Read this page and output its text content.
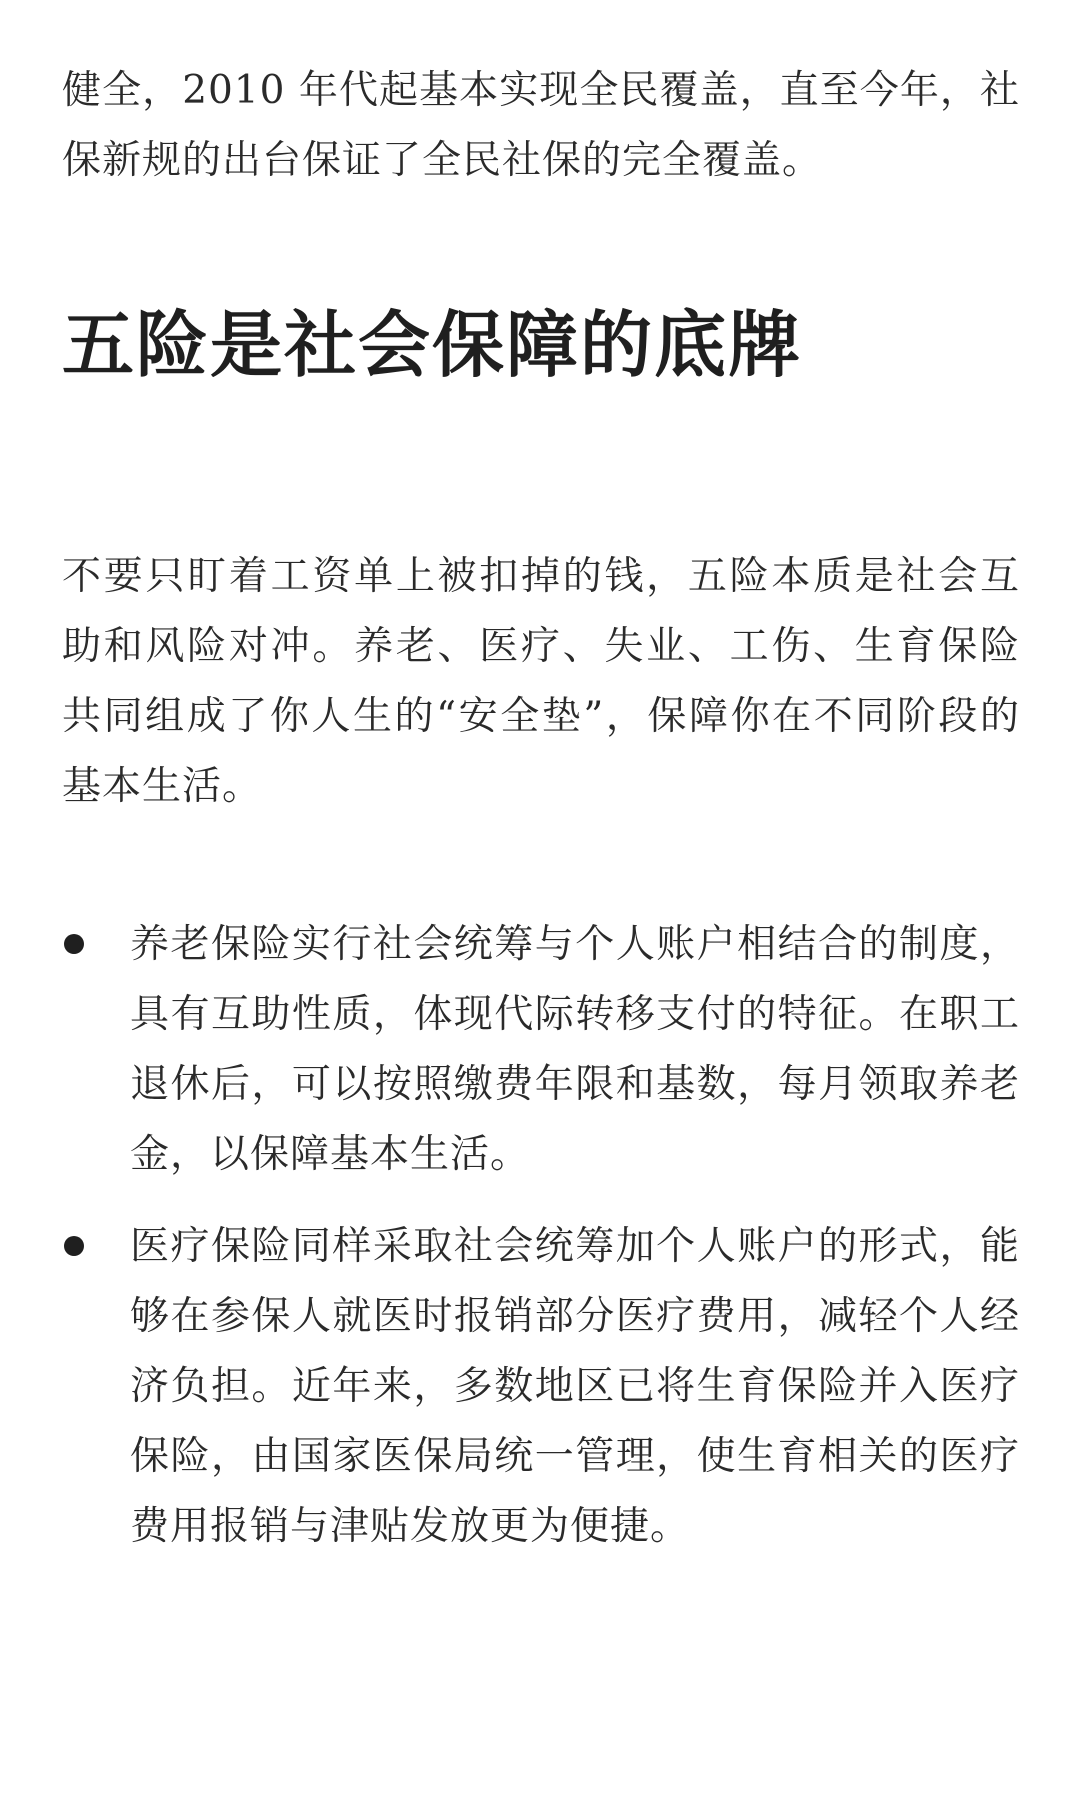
健全，2010 年代起基本实现全民覆盖，直至今年，社保新规的出台保证了全民社保的完全覆盖。

五险是社会保障的底牌

不要只盯着工资单上被扣掉的钱，五险本质是社会互助和风险对冲。养老、医疗、失业、工伤、生育保险共同组成了你人生的“安全垫”，保障你在不同阶段的基本生活。

养老保险实行社会统筹与个人账户相结合的制度，具有互助性质，体现代际转移支付的特征。在职工退休后，可以按照缴费年限和基数，每月领取养老金，以保障基本生活。
医疗保险同样采取社会统筹加个人账户的形式，能够在参保人就医时报销部分医疗费用，减轻个人经济负担。近年来，多数地区已将生育保险并入医疗保险，由国家医保局统一管理，使生育相关的医疗费用报销与津贴发放更为便捷。
